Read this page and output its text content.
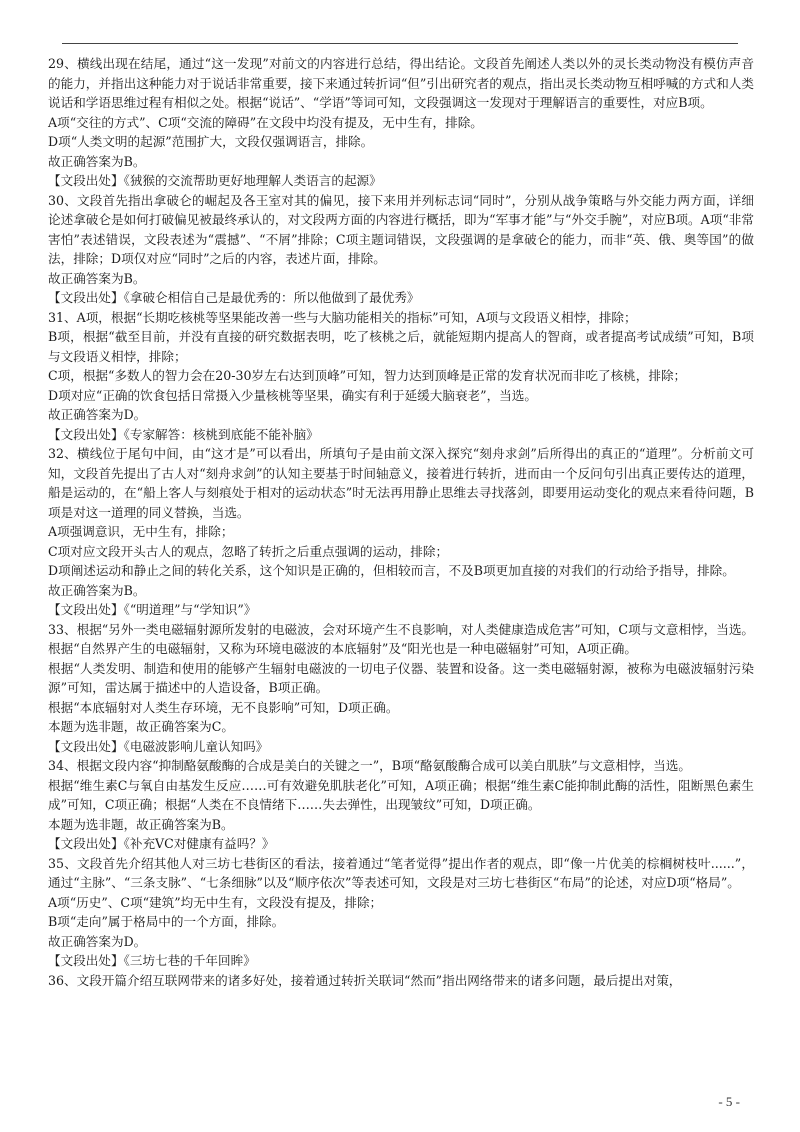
29、横线出现在结尾，通过“这一发现”对前文的内容进行总结，得出结论。文段首先阐述人类以外的灵长类动物没有模仿声音的能力，并指出这种能力对于说话非常重要，接下来通过转折词“但”引出研究者的观点，指出灵长类动物互相呼喊的方式和人类说话和学语思维过程有相似之处。根据“说话”、“学语”等词可知，文段强调这一发现对于理解语言的重要性，对应B项。

A项“交往的方式”、C项“交流的障碍”在文段中均没有提及，无中生有，排除。

D项“人类文明的起源”范围扩大，文段仅强调语言，排除。

故正确答案为B。

【文段出处】《狨猴的交流帮助更好地理解人类语言的起源》

30、文段首先指出拿破仑的崛起及各王室对其的偏见，接下来用并列标志词“同时”，分别从战争策略与外交能力两方面，详细论述拿破仑是如何打破偏见被最终承认的，对文段两方面的内容进行概括，即为“军事才能”与“外交手腕”，对应B项。A项“非常害怕”表述错误，文段表述为“震撼”、“不屑”排除；C项主题词错误，文段强调的是拿破仑的能力，而非“英、俄、奥等国”的做法，排除；D项仅对应“同时”之后的内容，表述片面，排除。

故正确答案为B。

【文段出处】《拿破仑相信自己是最优秀的：所以他做到了最优秀》

31、A项，根据“长期吃核桃等坚果能改善一些与大脑功能相关的指标”可知，A项与文段语义相悖，排除；

B项，根据“截至目前，并没有直接的研究数据表明，吃了核桃之后，就能短期内提高人的智商，或者提高考试成绩”可知，B项与文段语义相悖，排除；

C项，根据“多数人的智力会在20-30岁左右达到顶峰”可知，智力达到顶峰是正常的发育状况而非吃了核桃，排除；

D项对应“正确的饮食包括日常摄入少量核桃等坚果，确实有利于延缓大脑衰老”，当选。

故正确答案为D。

【文段出处】《专家解答：核桃到底能不能补脑》

32、横线位于尾句中间，由“这才是”可以看出，所填句子是由前文深入探究“刻舟求剑”后所得出的真正的“道理”。分析前文可知，文段首先提出了古人对“刻舟求剑”的认知主要基于时间轴意义，接着进行转折，进而由一个反问句引出真正要传达的道理，船是运动的，在“船上客人与刻痕处于相对的运动状态”时无法再用静止思维去寻找落剑，即要用运动变化的观点来看待问题，B项是对这一道理的同义替换，当选。

A项强调意识，无中生有，排除；

C项对应文段开头古人的观点，忽略了转折之后重点强调的运动，排除；

D项阐述运动和静止之间的转化关系，这个知识是正确的，但相较而言，不及B项更加直接的对我们的行动给予指导，排除。

故正确答案为B。

【文段出处】《“明道理”与“学知识”》

33、根据“另外一类电磁辐射源所发射的电磁波，会对环境产生不良影响，对人类健康造成危害”可知，C项与文意相悖，当选。

根据“自然界产生的电磁辐射，又称为环境电磁波的本底辐射”及“阳光也是一种电磁辐射”可知，A项正确。

根据“人类发明、制造和使用的能够产生辐射电磁波的一切电子仪器、装置和设备。这一类电磁辐射源，被称为电磁波辐射污染源”可知，雷达属于描述中的人造设备，B项正确。

根据“本底辐射对人类生存环境，无不良影响”可知，D项正确。

本题为选非题，故正确答案为C。

【文段出处】《电磁波影响儿童认知吗》

34、根据文段内容“抑制酪氨酸酶的合成是美白的关键之一”，B项“酪氨酸酶合成可以美白肌肤”与文意相悖，当选。

根据“维生素C与氧自由基发生反应……可有效避免肌肤老化”可知，A项正确；根据“维生素C能抑制此酶的活性，阻断黑色素生成”可知，C项正确；根据“人类在不良情绪下……失去弹性，出现皱纹”可知，D项正确。

本题为选非题，故正确答案为B。

【文段出处】《补充VC对健康有益吗？》

35、文段首先介绍其他人对三坊七巷街区的看法，接着通过“笔者觉得”提出作者的观点，即“像一片优美的棕榈树枝叶......”，通过“主脉”、“三条支脉”、“七条细脉”以及“顺序依次”等表述可知，文段是对三坊七巷街区“布局”的论述，对应D项“格局”。

A项“历史”、C项“建筑”均无中生有，文段没有提及，排除；

B项“走向”属于格局中的一个方面，排除。

故正确答案为D。

【文段出处】《三坊七巷的千年回眸》

36、文段开篇介绍互联网带来的诸多好处，接着通过转折关联词“然而”指出网络带来的诸多问题，最后提出对策，

- 5 -
